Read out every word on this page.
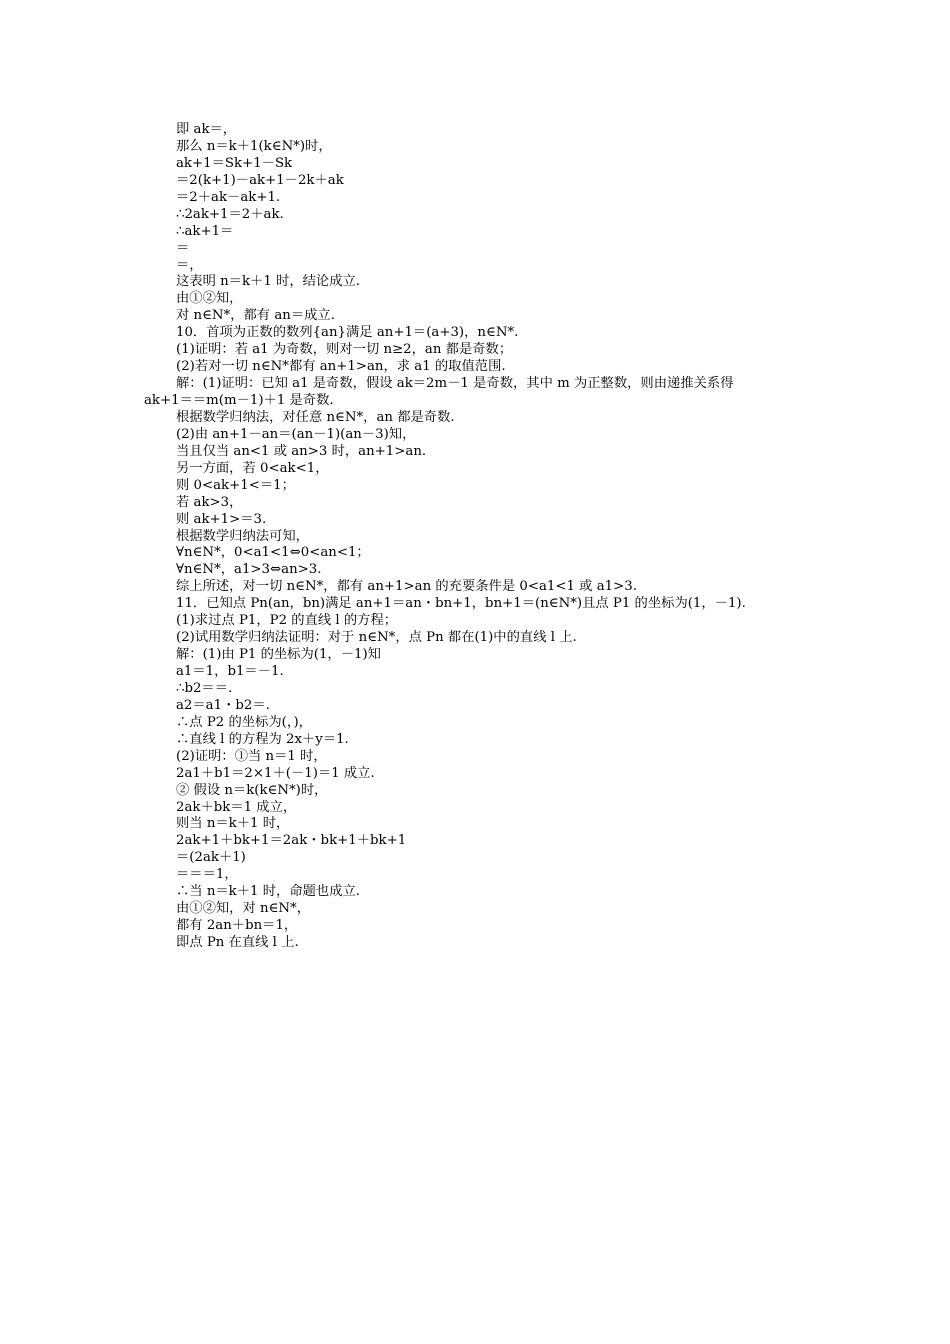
即 ak＝，
那么 n＝k＋1(k∈N*)时，
ak+1＝Sk+1－Sk
＝2(k+1)－ak+1－2k＋ak
＝2＋ak－ak+1.
∴2ak+1＝2＋ak.
∴ak+1＝
＝
＝，
这表明 n＝k＋1 时，结论成立.
由①②知，
对 n∈N*，都有 an＝成立.
10．首项为正数的数列{an}满足 an+1＝(a+3)，n∈N*.
(1)证明：若 a1 为奇数，则对一切 n≥2，an 都是奇数；
(2)若对一切 n∈N*都有 an+1>an，求 a1 的取值范围.
解：(1)证明：已知 a1 是奇数，假设 ak＝2m－1 是奇数，其中 m 为正整数，则由递推关系得
ak+1＝＝m(m－1)＋1 是奇数.
根据数学归纳法，对任意 n∈N*，an 都是奇数.
(2)由 an+1－an＝(an－1)(an－3)知，
当且仅当 an<1 或 an>3 时，an+1>an.
另一方面，若 0<ak<1，
则 0<ak+1<＝1；
若 ak>3，
则 ak+1>＝3.
根据数学归纳法可知，
∀n∈N*，0<a1<1⇔0<an<1；
∀n∈N*，a1>3⇔an>3.
综上所述，对一切 n∈N*，都有 an+1>an 的充要条件是 0<a1<1 或 a1>3.
11．已知点 Pn(an，bn)满足 an+1＝an・bn+1，bn+1＝(n∈N*)且点 P1 的坐标为(1，－1).
(1)求过点 P1，P2 的直线 l 的方程；
(2)试用数学归纳法证明：对于 n∈N*，点 Pn 都在(1)中的直线 l 上.
解：(1)由 P1 的坐标为(1，－1)知
a1＝1，b1＝－1.
∴b2＝＝.
a2＝a1・b2＝.
∴点 P2 的坐标为(，)，
∴直线 l 的方程为 2x＋y＝1.
(2)证明：①当 n＝1 时，
2a1＋b1＝2×1＋(－1)＝1 成立.
② 假设 n＝k(k∈N*)时，
2ak＋bk＝1 成立，
则当 n＝k＋1 时，
2ak+1＋bk+1＝2ak・bk+1＋bk+1
＝(2ak＋1)
＝＝＝1，
∴当 n＝k＋1 时，命题也成立.
由①②知，对 n∈N*，
都有 2an＋bn＝1，
即点 Pn 在直线 l 上.
